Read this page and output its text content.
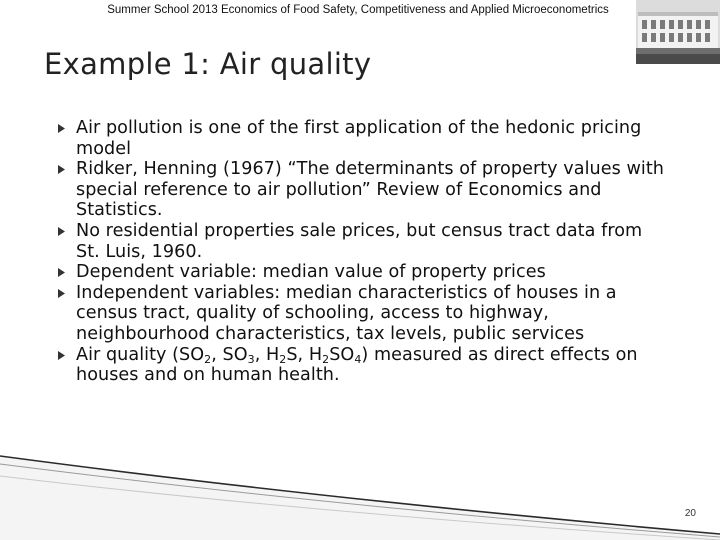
Summer School 2013 Economics of Food Safety, Competitiveness and Applied Microeconometrics
Example 1: Air quality
Air pollution is one of the first application of the hedonic pricing model
Ridker, Henning (1967) “The determinants of property values with special reference to air pollution” Review of Economics and Statistics.
No residential properties sale prices, but census tract data from St. Luis, 1960.
Dependent variable: median value of property prices
Independent variables: median characteristics of houses in a census tract, quality of schooling, access to highway, neighbourhood characteristics, tax levels, public services
Air quality ($SO_2$, $SO_3$, $H_2S$, $H_2SO_4$) measured as direct effects on houses and on human health.
20
